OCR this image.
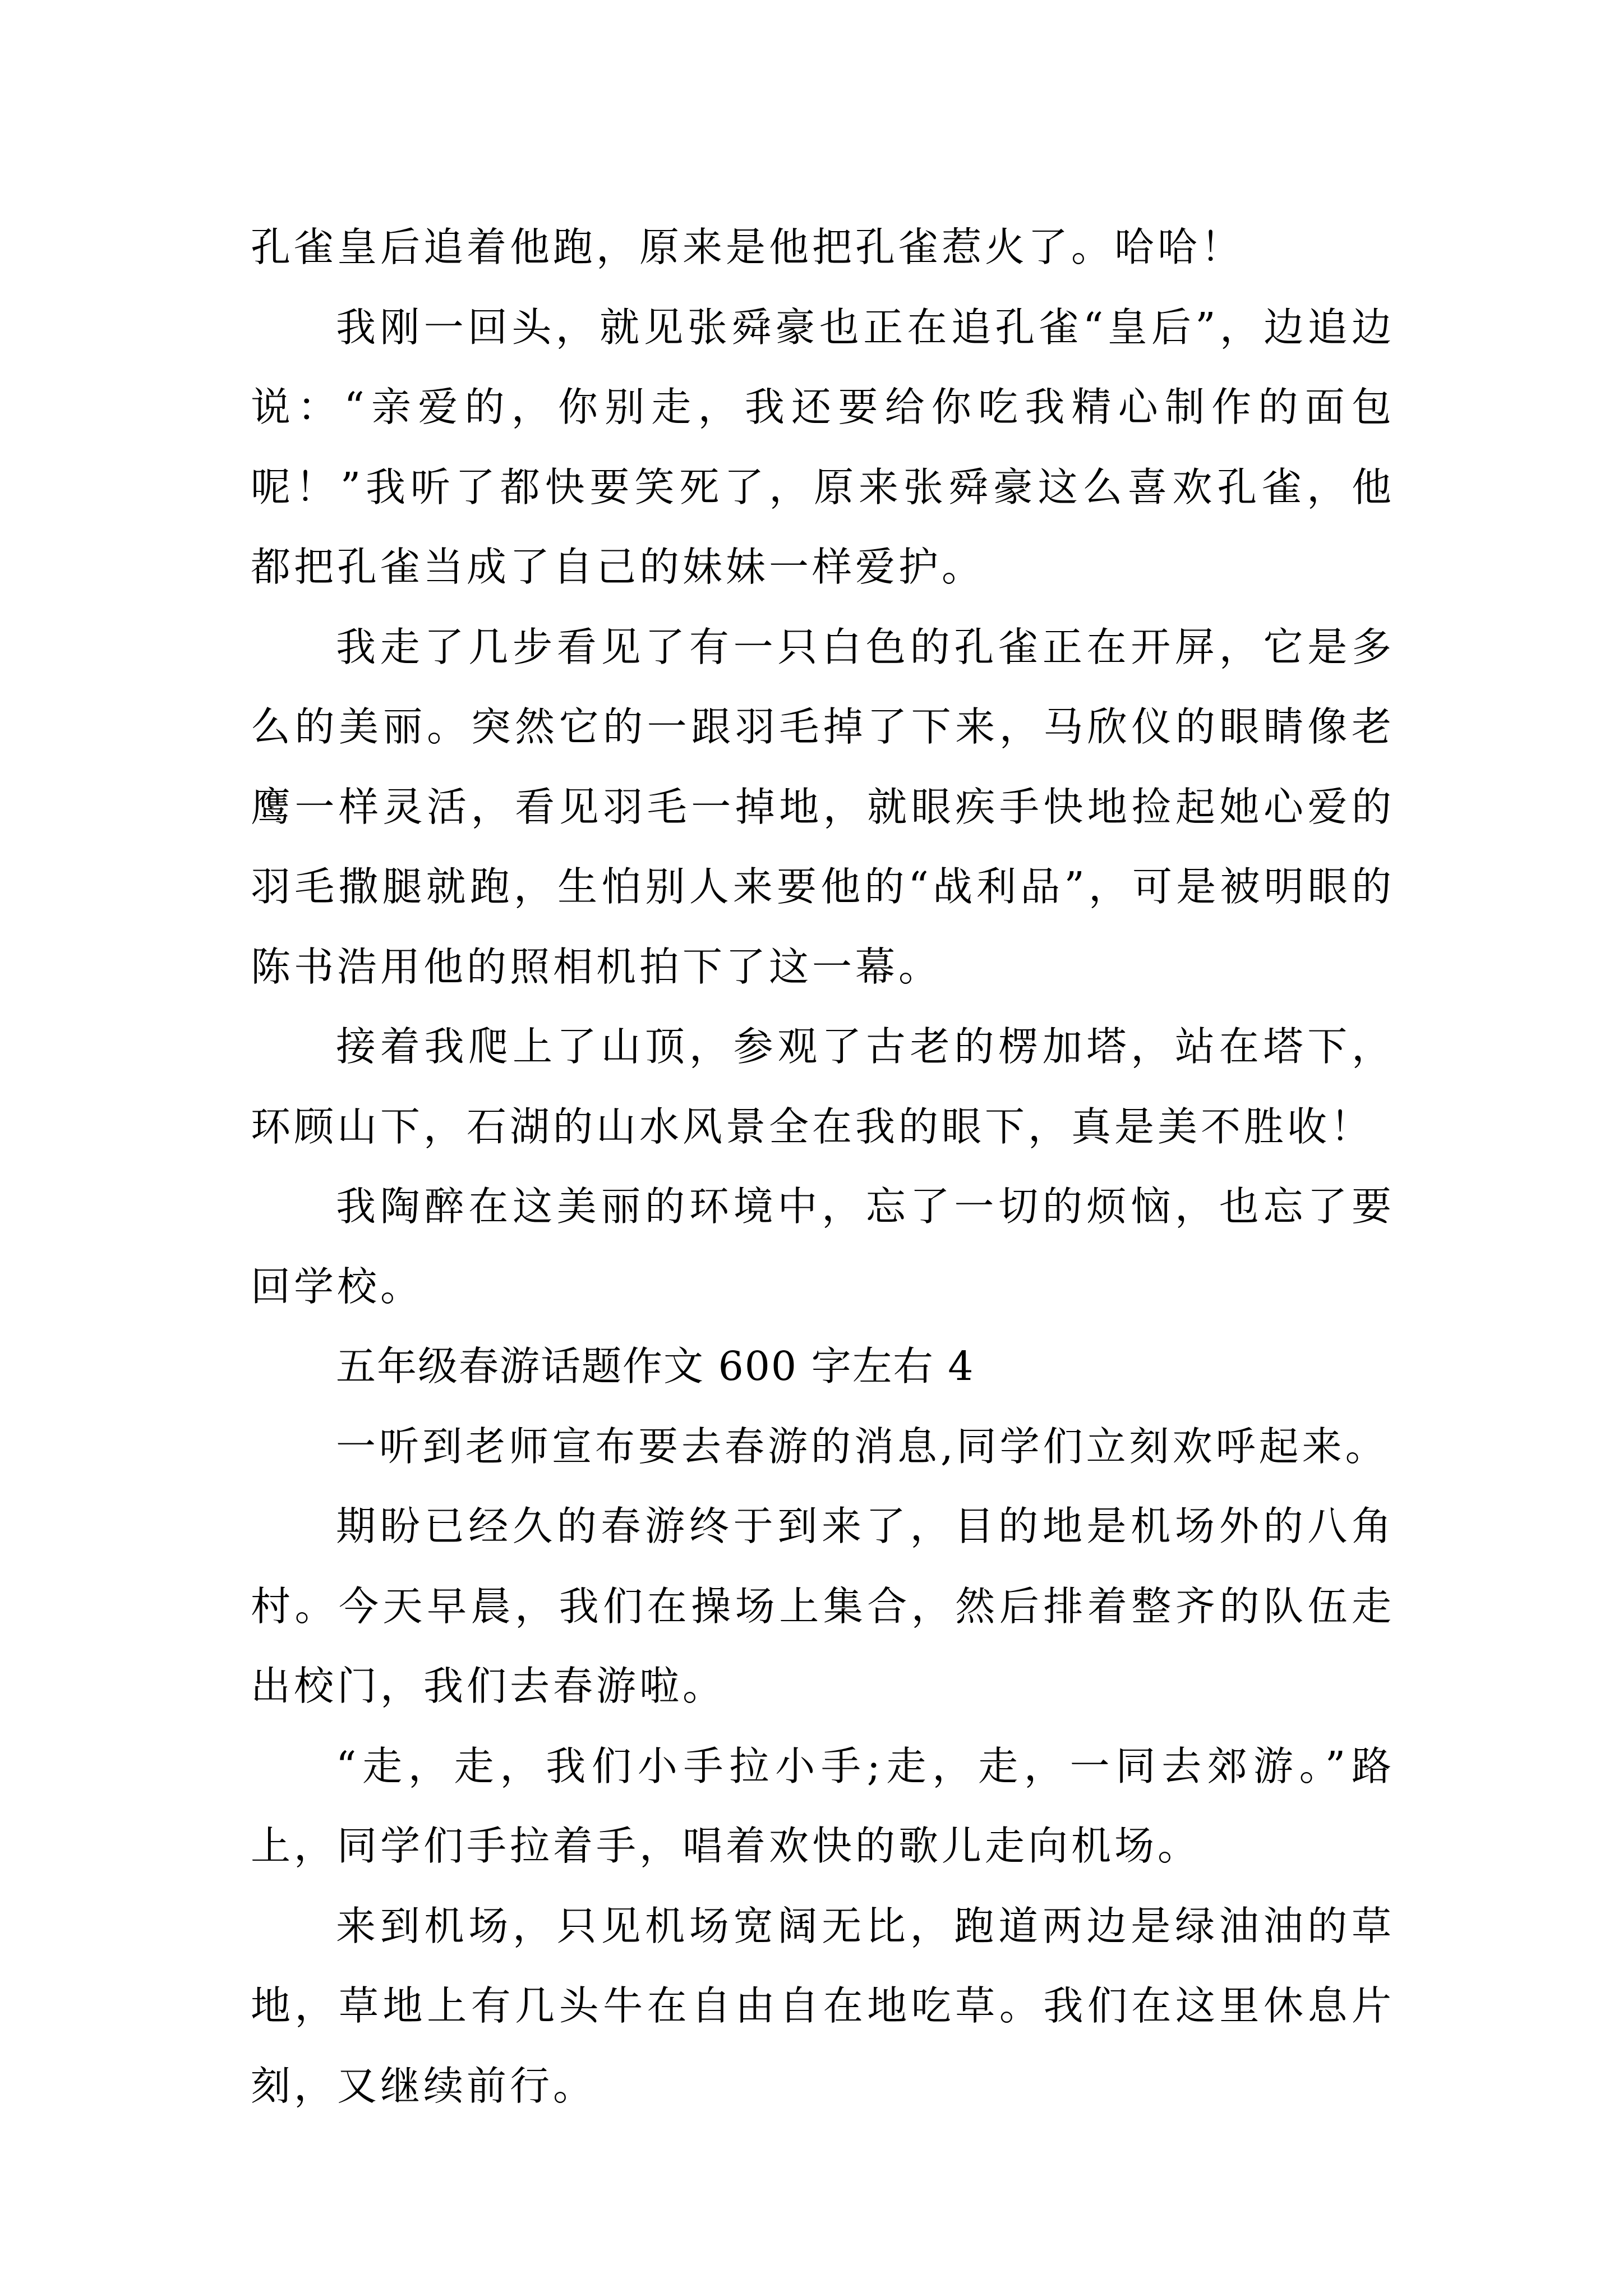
孔雀皇后追着他跑，原来是他把孔雀惹火了。哈哈！

我刚一回头，就见张舜豪也正在追孔雀“皇后”，边追边说：“亲爱的，你别走，我还要给你吃我精心制作的面包呢！”我听了都快要笑死了，原来张舜豪这么喜欢孔雀，他都把孔雀当成了自己的妹妹一样爱护。

我走了几步看见了有一只白色的孔雀正在开屏，它是多么的美丽。突然它的一跟羽毛掉了下来，马欣仪的眼睛像老鹰一样灵活，看见羽毛一掉地，就眼疾手快地捡起她心爱的羽毛撒腿就跑，生怕别人来要他的“战利品”，可是被明眼的陈书浩用他的照相机拍下了这一幕。

接着我爬上了山顶，参观了古老的楞加塔，站在塔下，环顾山下，石湖的山水风景全在我的眼下，真是美不胜收！

我陶醉在这美丽的环境中，忘了一切的烦恼，也忘了要回学校。

五年级春游话题作文 600 字左右 4

一听到老师宣布要去春游的消息,同学们立刻欢呼起来。

期盼已经久的春游终于到来了，目的地是机场外的八角村。今天早晨，我们在操场上集合，然后排着整齐的队伍走出校门，我们去春游啦。

“走，走，我们小手拉小手;走，走，一同去郊游。”路上，同学们手拉着手，唱着欢快的歌儿走向机场。

来到机场，只见机场宽阔无比，跑道两边是绿油油的草地，草地上有几头牛在自由自在地吃草。我们在这里休息片刻，又继续前行。
